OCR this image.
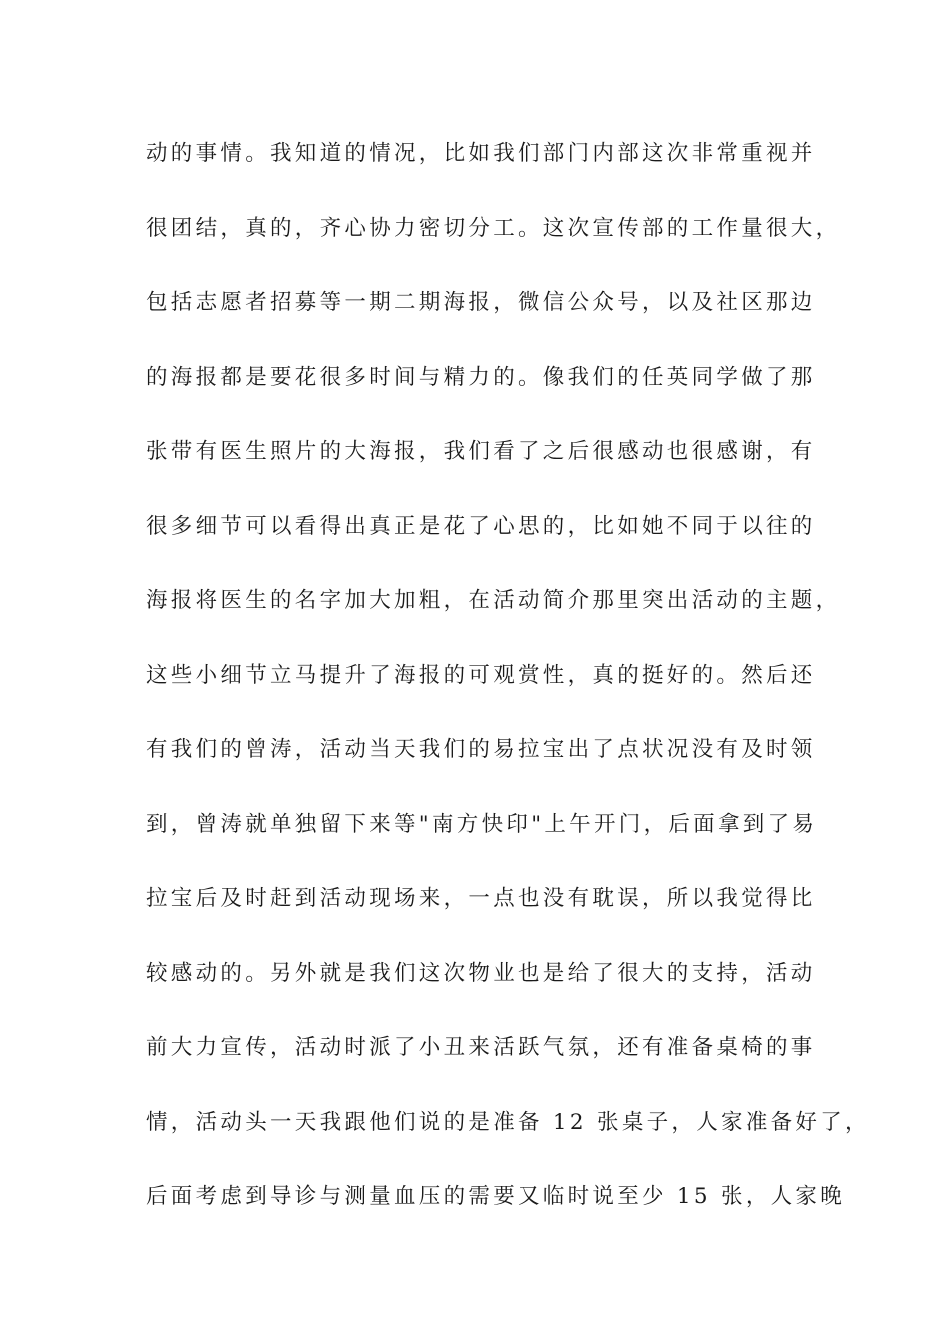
动的事情。我知道的情况，比如我们部门内部这次非常重视并
很团结，真的，齐心协力密切分工。这次宣传部的工作量很大，
包括志愿者招募等一期二期海报，微信公众号，以及社区那边
的海报都是要花很多时间与精力的。像我们的任英同学做了那
张带有医生照片的大海报，我们看了之后很感动也很感谢，有
很多细节可以看得出真正是花了心思的，比如她不同于以往的
海报将医生的名字加大加粗，在活动简介那里突出活动的主题，
这些小细节立马提升了海报的可观赏性，真的挺好的。然后还
有我们的曾涛，活动当天我们的易拉宝出了点状况没有及时领
到，曾涛就单独留下来等"南方快印"上午开门，后面拿到了易
拉宝后及时赶到活动现场来，一点也没有耽误，所以我觉得比
较感动的。另外就是我们这次物业也是给了很大的支持，活动
前大力宣传，活动时派了小丑来活跃气氛，还有准备桌椅的事
情，活动头一天我跟他们说的是准备 12 张桌子，人家准备好了，
后面考虑到导诊与测量血压的需要又临时说至少 15 张，人家晚
